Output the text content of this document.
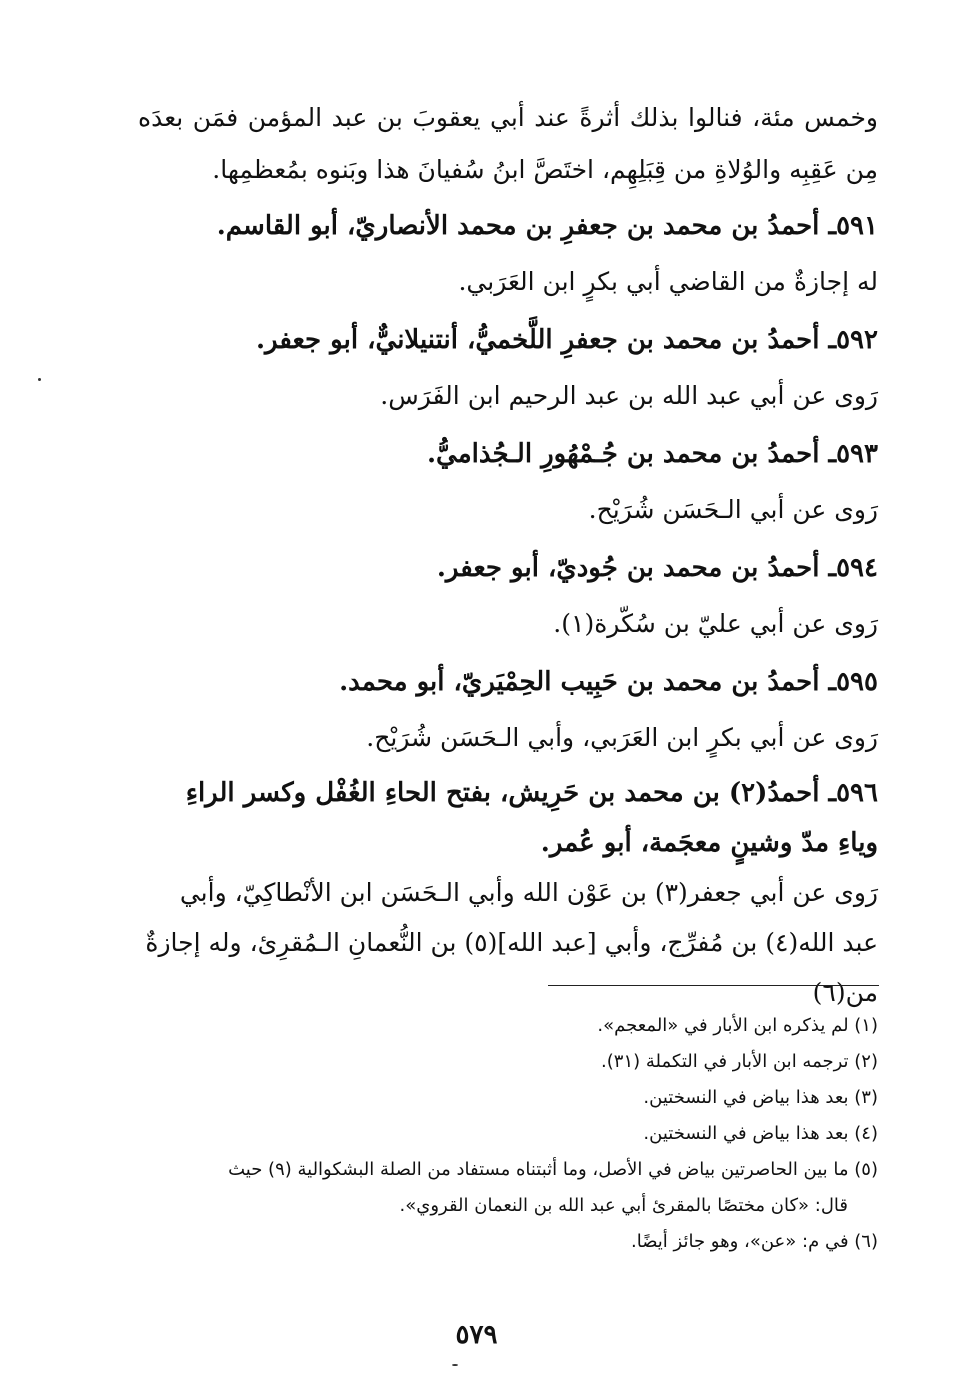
وخمس مئة، فنالوا بذلك أثرةً عند أبي يعقوبَ بن عبد المؤمن فمَن بعدَه مِن عَقِبِه والوُلاةِ من قِبَلِهِم، اختَصَّ ابنُ سُفيانَ هذا وبَنوه بمُعظمِها.

٥٩١ـ أحمدُ بن محمد بن جعفرِ بن محمد الأنصاريّ، أبو القاسم.

له إجازةٌ من القاضي أبي بكرٍ ابن العَرَبي.

٥٩٢ـ أحمدُ بن محمد بن جعفرِ اللَّخميُّ، أنتنيلانيٌّ، أبو جعفر.

رَوى عن أبي عبد الله بن عبد الرحيم ابن الفَرَس.

٥٩٣ـ أحمدُ بن محمد بن جُـمْهُورِ الـجُذاميُّ.

رَوى عن أبي الـحَسَن شُرَيْح.

٥٩٤ـ أحمدُ بن محمد بن جُوديّ، أبو جعفر.

رَوى عن أبي عليّ بن سُكّرة(١).

٥٩٥ـ أحمدُ بن محمد بن حَبِيب الحِمْيَريّ، أبو محمد.

رَوى عن أبي بكرٍ ابن العَرَبي، وأبي الـحَسَن شُرَيْح.

٥٩٦ـ أحمدُ(٢) بن محمد بن حَرِيش، بفتح الحاءِ الغُفْل وكسر الراءِ وياءِ مدّ وشينٍ معجَمة، أبو عُمر.

رَوى عن أبي جعفر(٣) بن عَوْن الله وأبي الـحَسَن ابن الأنْطاكِيّ، وأبي عبد الله(٤) بن مُفرِّج، وأبي [عبد الله](٥) بن النُّعمانِ الـمُقرِئ، وله إجازةٌ من(٦)

(١) لم يذكره ابن الأبار في «المعجم».

(٢) ترجمه ابن الأبار في التكملة (٣١).

(٣) بعد هذا بياض في النسختين.

(٤) بعد هذا بياض في النسختين.

(٥) ما بين الحاصرتين بياض في الأصل، وما أثبتناه مستفاد من الصلة البشكوالية (٩) حيث
قال: «كان مختصًا بالمقرئ أبي عبد الله بن النعمان القروي».

(٦) في م: «عن»، وهو جائز أيضًا.

٥٧٩
